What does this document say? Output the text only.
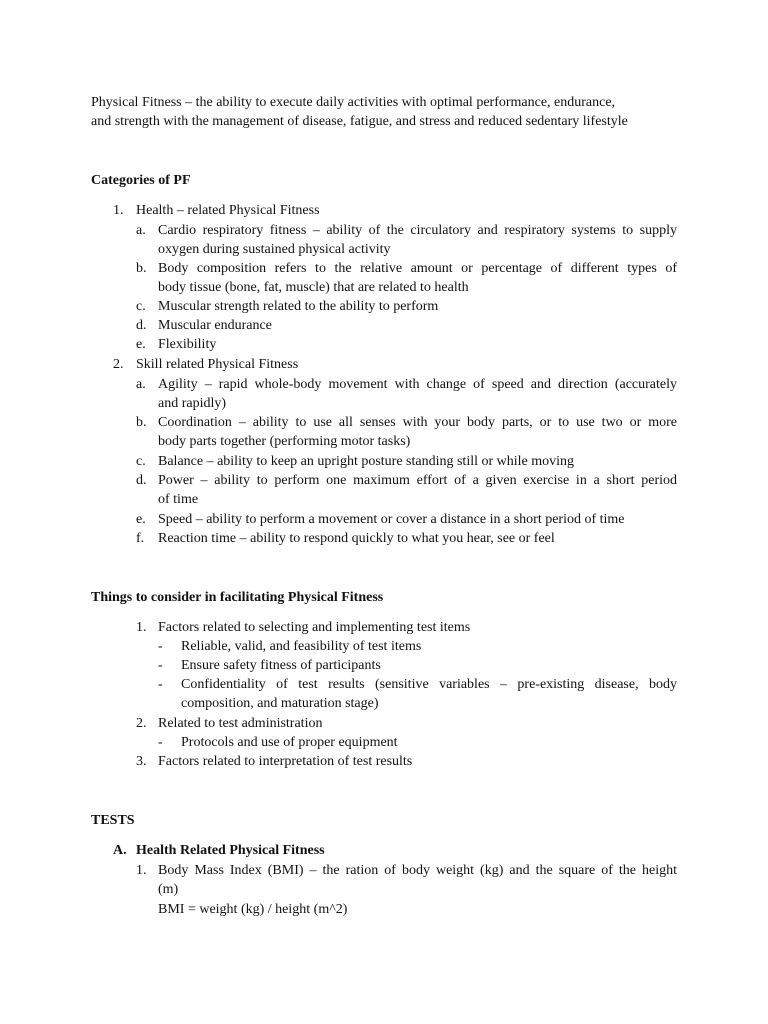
Physical Fitness – the ability to execute daily activities with optimal performance, endurance,
and strength with the management of disease, fatigue, and stress and reduced sedentary lifestyle
Categories of PF
1. Health – related Physical Fitness
a. Cardio respiratory fitness – ability of the circulatory and respiratory systems to supply
oxygen during sustained physical activity
b. Body composition refers to the relative amount or percentage of different types of
body tissue (bone, fat, muscle) that are related to health
c. Muscular strength related to the ability to perform
d. Muscular endurance
e. Flexibility
2. Skill related Physical Fitness
a. Agility – rapid whole-body movement with change of speed and direction (accurately
and rapidly)
b. Coordination – ability to use all senses with your body parts, or to use two or more
body parts together (performing motor tasks)
c. Balance – ability to keep an upright posture standing still or while moving
d. Power – ability to perform one maximum effort of a given exercise in a short period
of time
e. Speed – ability to perform a movement or cover a distance in a short period of time
f. Reaction time – ability to respond quickly to what you hear, see or feel
Things to consider in facilitating Physical Fitness
1. Factors related to selecting and implementing test items
- Reliable, valid, and feasibility of test items
- Ensure safety fitness of participants
- Confidentiality of test results (sensitive variables – pre-existing disease, body
composition, and maturation stage)
2. Related to test administration
- Protocols and use of proper equipment
3. Factors related to interpretation of test results
TESTS
A. Health Related Physical Fitness
1. Body Mass Index (BMI) – the ration of body weight (kg) and the square of the height
(m)
BMI = weight (kg) / height (m^2)
